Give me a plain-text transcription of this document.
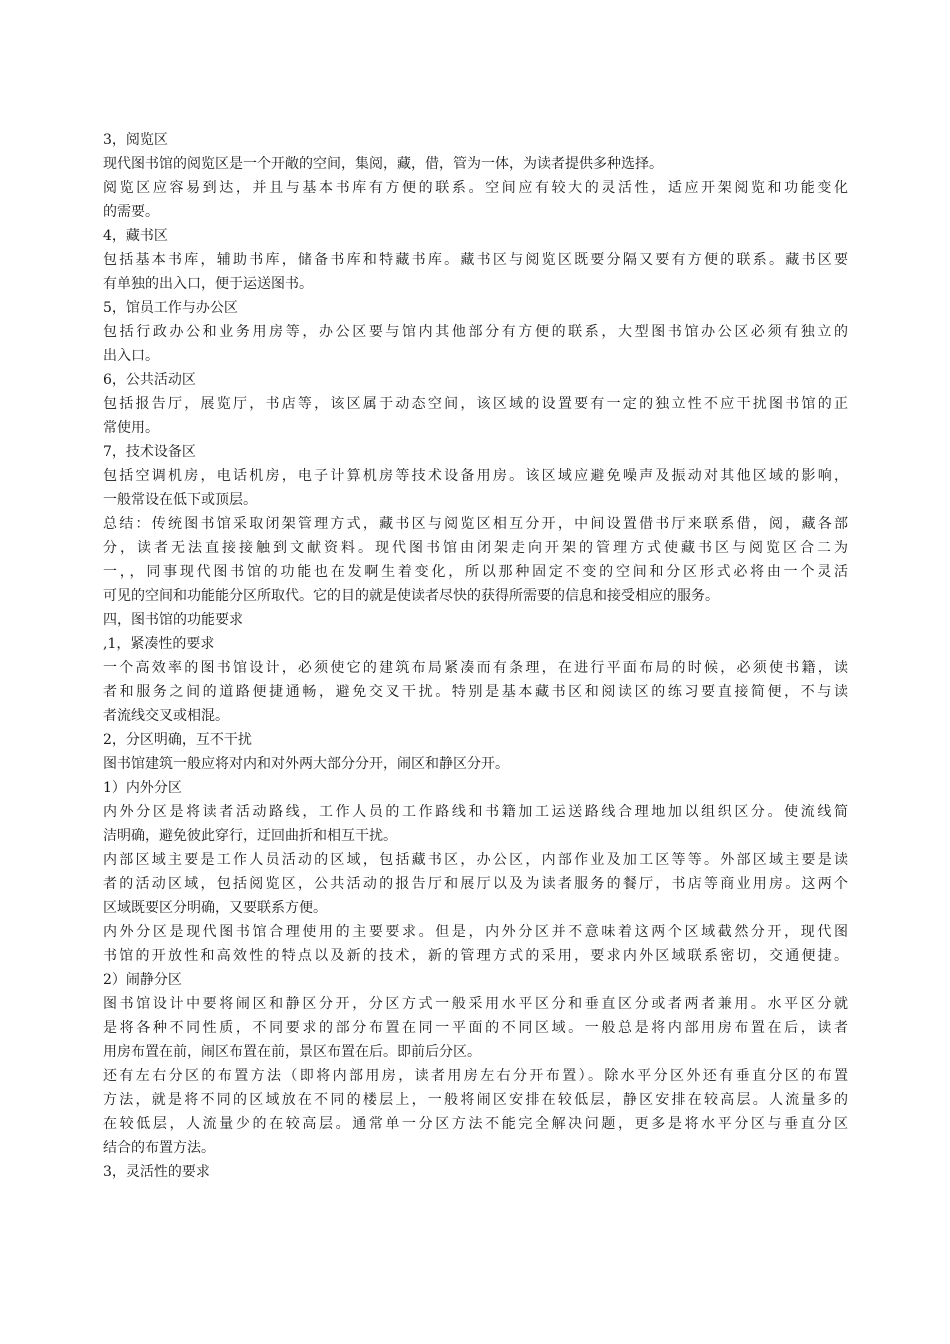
3，阅览区
现代图书馆的阅览区是一个开敞的空间，集阅，藏，借，管为一体，为读者提供多种选择。
阅览区应容易到达，并且与基本书库有方便的联系。空间应有较大的灵活性，适应开架阅览和功能变化
的需要。
4，藏书区
包括基本书库，辅助书库，储备书库和特藏书库。藏书区与阅览区既要分隔又要有方便的联系。藏书区要
有单独的出入口，便于运送图书。
5，馆员工作与办公区
包括行政办公和业务用房等，办公区要与馆内其他部分有方便的联系，大型图书馆办公区必须有独立的
出入口。
6，公共活动区
包括报告厅，展览厅，书店等，该区属于动态空间，该区域的设置要有一定的独立性不应干扰图书馆的正
常使用。
7，技术设备区
包括空调机房，电话机房，电子计算机房等技术设备用房。该区域应避免噪声及振动对其他区域的影响，
一般常设在低下或顶层。
总结：传统图书馆采取闭架管理方式，藏书区与阅览区相互分开，中间设置借书厅来联系借，阅，藏各部
分，读者无法直接接触到文献资料。现代图书馆由闭架走向开架的管理方式使藏书区与阅览区合二为
一，，同事现代图书馆的功能也在发啊生着变化，所以那种固定不变的空间和分区形式必将由一个灵活
可见的空间和功能能分区所取代。它的目的就是使读者尽快的获得所需要的信息和接受相应的服务。
四，图书馆的功能要求
,1，紧凑性的要求
一个高效率的图书馆设计，必须使它的建筑布局紧凑而有条理，在进行平面布局的时候，必须使书籍，读
者和服务之间的道路便捷通畅，避免交叉干扰。特别是基本藏书区和阅读区的练习要直接简便，不与读
者流线交叉或相混。
2，分区明确，互不干扰
图书馆建筑一般应将对内和对外两大部分分开，闹区和静区分开。
1）内外分区
内外分区是将读者活动路线，工作人员的工作路线和书籍加工运送路线合理地加以组织区分。使流线简
洁明确，避免彼此穿行，迂回曲折和相互干扰。
内部区域主要是工作人员活动的区域，包括藏书区，办公区，内部作业及加工区等等。外部区域主要是读
者的活动区域，包括阅览区，公共活动的报告厅和展厅以及为读者服务的餐厅，书店等商业用房。这两个
区域既要区分明确，又要联系方便。
内外分区是现代图书馆合理使用的主要要求。但是，内外分区并不意味着这两个区域截然分开，现代图
书馆的开放性和高效性的特点以及新的技术，新的管理方式的采用，要求内外区域联系密切，交通便捷。
2）闹静分区
图书馆设计中要将闹区和静区分开，分区方式一般采用水平区分和垂直区分或者两者兼用。水平区分就
是将各种不同性质，不同要求的部分布置在同一平面的不同区域。一般总是将内部用房布置在后，读者
用房布置在前，闹区布置在前，景区布置在后。即前后分区。
还有左右分区的布置方法（即将内部用房，读者用房左右分开布置）。除水平分区外还有垂直分区的布置
方法，就是将不同的区域放在不同的楼层上，一般将闹区安排在较低层，静区安排在较高层。人流量多的
在较低层，人流量少的在较高层。通常单一分区方法不能完全解决问题，更多是将水平分区与垂直分区
结合的布置方法。
3，灵活性的要求
